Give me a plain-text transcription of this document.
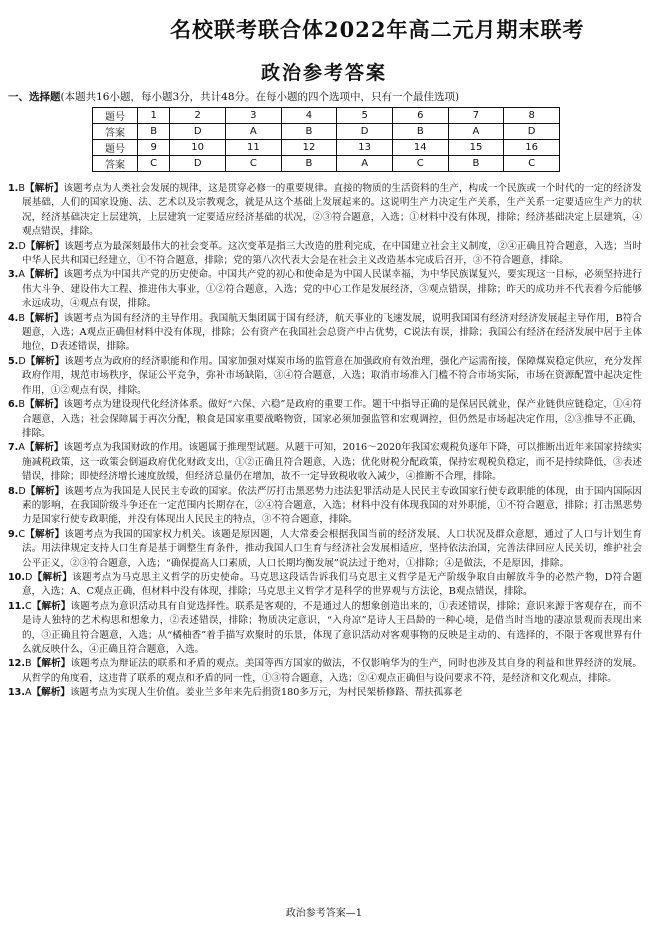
名校联考联合体2022年高二元月期末联考
政治参考答案
一、选择题(本题共16小题，每小题3分，共计48分。在每小题的四个选项中，只有一个最佳选项)
题号	1	2	3	4	5	6	7	8
答案	B	D	A	B	D	B	A	D
题号	9	10	11	12	13	14	15	16
答案	C	D	C	B	A	C	B	C
1.B【解析】该题考点为人类社会发展的规律，这是贯穿必修一的重要规律。直接的物质的生活资料的生产，构成一个民族或一个时代的一定的经济发展基础，人们的国家设施、法、艺术以及宗教观念，就是从这个基础上发展起来的。这说明生产力决定生产关系，生产关系一定要适应生产力的状况，经济基础决定上层建筑，上层建筑一定要适应经济基础的状况，②③符合题意，入选；①材料中没有体现，排除；经济基础决定上层建筑，④观点错误，排除。
2.D【解析】该题考点为最深刻最伟大的社会变革。这次变革是指三大改造的胜利完成，在中国建立社会主义制度，②④正确且符合题意，入选；当时中华人民共和国已经建立，①不符合题意，排除；党的第八次代表大会是在社会主义改造基本完成后召开，③不符合题意，排除。
3.A【解析】该题考点为中国共产党的历史使命。中国共产党的初心和使命是为中国人民谋幸福，为中华民族谋复兴，要实现这一目标，必须坚持进行伟大斗争、建设伟大工程、推进伟大事业，①②符合题意，入选；党的中心工作是发展经济，③观点错误，排除；昨天的成功并不代表着今后能够永远成功，④观点有误，排除。
4.B【解析】该题考点为国有经济的主导作用。我国航天集团属于国有经济，航天事业的飞速发展，说明我国国有经济对经济发展起主导作用，B符合题意，入选；A观点正确但材料中没有体现，排除；公有资产在我国社会总资产中占优势，C说法有误，排除；我国公有经济在经济发展中居于主体地位，D表述错误，排除。
5.D【解析】该题考点为政府的经济职能和作用。国家加强对煤炭市场的监管意在加强政府有效治理，强化产运需衔接，保障煤炭稳定供应，充分发挥政府作用，规范市场秩序，保证公平竞争，弥补市场缺陷，③④符合题意，入选；取消市场准入门槛不符合市场实际，市场在资源配置中起决定性作用，①②观点有误，排除。
6.B【解析】该题考点为建设现代化经济体系。做好“六保、六稳”是政府的重要工作。题干中指导正确的是保居民就业，保产业链供应链稳定，①④符合题意，入选；社会保障属于再次分配，粮食是国家重要战略物资，国家必须加强监管和宏观调控，但仍然是市场起决定作用，②③推导不正确，排除。
7.A【解析】该题考点为我国财政的作用。该题属于推理型试题。从题干可知，2016～2020年我国宏观税负逐年下降，可以推断出近年来国家持续实施减税政策，这一政策会倒逼政府优化财政支出，①②正确且符合题意，入选；优化财税分配政策，保持宏观税负稳定，而不是持续降低，③表述错误，排除；即使经济增长速度放缓，但经济总量仍在增加，故不一定导致税收收入减少，④推断不合理，排除。
8.D【解析】该题考点为我国是人民民主专政的国家。依法严厉打击黑恶势力违法犯罪活动是人民民主专政国家行使专政职能的体现，由于国内国际因素的影响，在我国阶级斗争还在一定范围内长期存在，②④符合题意，入选；材料中没有体现我国的对外职能，①不符合题意，排除；打击黑恶势力是国家行使专政职能，并没有体现出人民民主的特点，③不符合题意，排除。
9.C【解析】该题考点为我国的国家权力机关。该题是原因题，人大常委会根据我国当前的经济发展、人口状况及群众意愿，通过了人口与计划生育法。用法律规定支持人口生育是基于调整生育条件，推动我国人口生育与经济社会发展相适应，坚持依法治国，完善法律回应人民关切，维护社会公平正义，②③符合题意，入选；“确保提高人口素质，人口长期均衡发展”说法过于绝对，①排除；④是做法，不是原因，排除。
10.D【解析】该题考点为马克思主义哲学的历史使命。马克思这段话告诉我们马克思主义哲学是无产阶级争取自由解放斗争的必然产物，D符合题意，入选；A、C观点正确，但材料中没有体现，排除；马克思主义哲学才是科学的世界观与方法论，B观点错误，排除。
11.C【解析】该题考点为意识活动具有自觉选择性。联系是客观的，不是通过人的想象创造出来的，①表述错误，排除；意识来源于客观存在，而不是诗人独特的艺术构思和想象力，②表述错误，排除；物质决定意识，“入舟凉”是诗人王昌龄的一种心境，是借当时当地的凄凉景观而表现出来的，③正确且符合题意，入选；从“橘柚香”着手描写欢聚时的乐景，体现了意识活动对客观事物的反映是主动的、有选择的，不限于客观世界有什么就反映什么，④正确且符合题意，入选。
12.B【解析】该题考点为辩证法的联系和矛盾的观点。美国等西方国家的做法，不仅影响华为的生产，同时也涉及其自身的利益和世界经济的发展。从哲学的角度看，这违背了联系的观点和矛盾的同一性，①③符合题意，入选；②④观点正确但与设问要求不符，是经济和文化观点，排除。
13.A【解析】该题考点为实现人生价值。姜业兰多年来先后捐资180多万元，为村民架桥修路、帮扶孤寡老
政治参考答案—1
